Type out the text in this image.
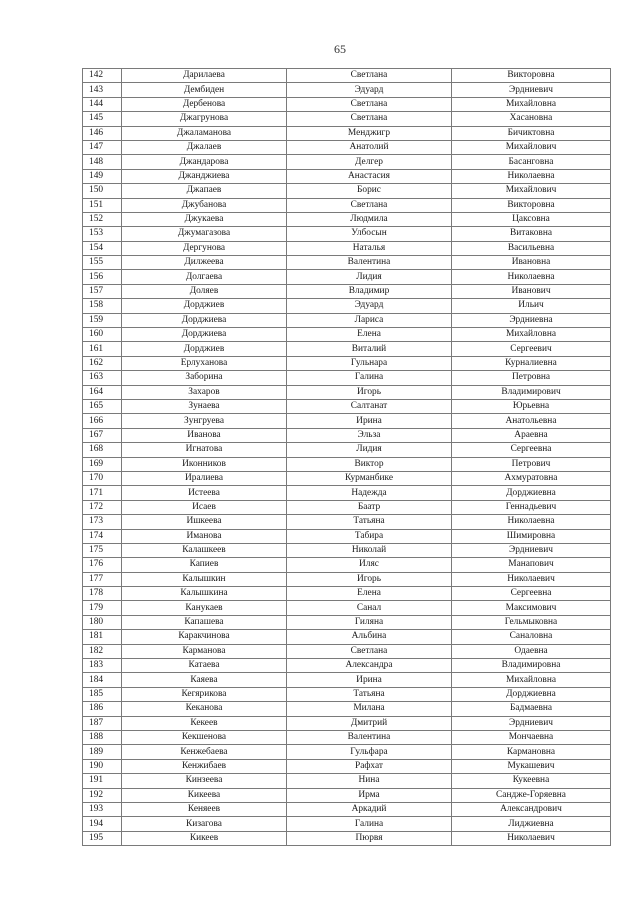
65
142	Дарилаева	Светлана	Викторовна
143	Дембиден	Эдуард	Эрдниевич
144	Дербенова	Светлана	Михайловна
145	Джагрунова	Светлана	Хасановна
146	Джаламанова	Менджигр	Бичиктовна
147	Джалаев	Анатолий	Михайлович
148	Джандарова	Делгер	Басанговна
149	Джанджиева	Анастасия	Николаевна
150	Джапаев	Борис	Михайлович
151	Джубанова	Светлана	Викторовна
152	Джукаева	Людмила	Цаксовна
153	Джумагазова	Улбосын	Витаковна
154	Дергунова	Наталья	Васильевна
155	Дилжеева	Валентина	Ивановна
156	Долгаева	Лидия	Николаевна
157	Доляев	Владимир	Иванович
158	Дорджиев	Эдуард	Ильич
159	Дорджиева	Лариса	Эрдниевна
160	Дорджиева	Елена	Михайловна
161	Дорджиев	Виталий	Сергеевич
162	Ерлуханова	Гульнара	Курналиевна
163	Заборина	Галина	Петровна
164	Захаров	Игорь	Владимирович
165	Зунаева	Салтанат	Юрьевна
166	Зунгруева	Ирина	Анатольевна
167	Иванова	Эльза	Араевна
168	Игнатова	Лидия	Сергеевна
169	Иконников	Виктор	Петрович
170	Иралиева	Курманбике	Ахмуратовна
171	Истеева	Надежда	Дорджиевна
172	Исаев	Баатр	Геннадьевич
173	Ишкеева	Татьяна	Николаевна
174	Иманова	Табира	Шимировна
175	Калашкеев	Николай	Эрдниевич
176	Капиев	Иляс	Манапович
177	Калышкин	Игорь	Николаевич
178	Калышкина	Елена	Сергеевна
179	Канукаев	Санал	Максимович
180	Капашева	Гиляна	Гельмыковна
181	Каракчинова	Альбина	Саналовна
182	Карманова	Светлана	Одаевна
183	Катаева	Александра	Владимировна
184	Каяева	Ирина	Михайловна
185	Кегярикова	Татьяна	Дорджиевна
186	Кеканова	Милана	Бадмаевна
187	Кекеев	Дмитрий	Эрдниевич
188	Кекшенова	Валентина	Мончаевна
189	Кенжебаева	Гульфара	Кармановна
190	Кенжибаев	Рафхат	Мукашевич
191	Кинзеева	Нина	Кукеевна
192	Кикеева	Ирма	Сандже-Горяевна
193	Кеняеев	Аркадий	Александрович
194	Кизагова	Галина	Лиджиевна
195	Кикеев	Пюрвя	Николаевич
